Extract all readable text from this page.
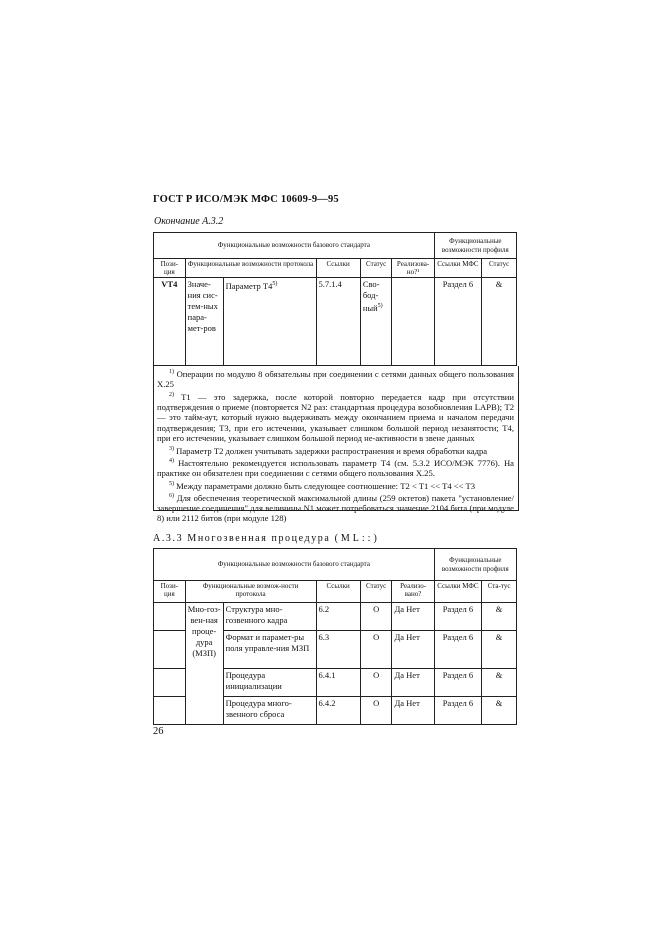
ГОСТ Р ИСО/МЭК МФС 10609-9—95
Окончание А.3.2
Функциональные возможности базового стандарта						Функциональные возможности профиля	
Пози-ция	Функциональные возможности протокола		Ссылки	Статус	Реализова-но?¹	Ссылки МФС	Статус
VT4	Значе-ния сис-тем-ных пара-мет-ров	Параметр T4$^{5)}$	5.7.1.4	Сво-бод-ный$^{5)}$		Раздел 6	&

$^{1)}$ Операции по модулю 8 обязательны при соединении с сетями данных общего пользования X.25

$^{2)}$ T1 — это задержка, после которой повторно передается кадр при отсутствии подтверждения о приеме (повторяется N2 раз: стандартная процедура возобновления LAPB); T2 — это тайм-аут, который нужно выдерживать между окончанием приема и началом передачи подтверждения; T3, при его истечении, указывает слишком большой период незанятости; T4, при его истечении, указывает слишком большой период не-активности в звене данных

$^{3)}$ Параметр T2 должен учитывать задержки распространения и время обработки кадра

$^{4)}$ Настоятельно рекомендуется использовать параметр T4 (см. 5.3.2 ИСО/МЭК 7776). На практике он обязателен при соединении с сетями общего пользования X.25.

$^{5)}$ Между параметрами должно быть следующее соотношение: T2 < T1 << T4 << T3

$^{6)}$ Для обеспечения теоретической максимальной длины (259 октетов) пакета "установление/завершение соединения" для величины N1 может потребоваться значение 2104 бита (при модуле 8) или 2112 битов (при модуле 128)

А.3.3 Многозвенная процедура (ML::)
Функциональные возможности базового стандарта						Функциональные возможности профиля	
Пози-ция	Функциональные возмож-ности протокола		Ссылки	Статус	Реализо-вано?	Ссылки МФС	Ста-тус
	Мно-гоз-вен-ная проце-дура (МЗП)	Структура мно-гозвенного кадра	6.2	O	Да Нет	Раздел 6	&
		Формат и парамет-ры поля управле-ния МЗП	6.3	O	Да Нет	Раздел 6	&
		Процедура инициализации	6.4.1	O	Да Нет	Раздел 6	&
		Процедура много-звенного сброса	6.4.2	O	Да Нет	Раздел 6	&
26
